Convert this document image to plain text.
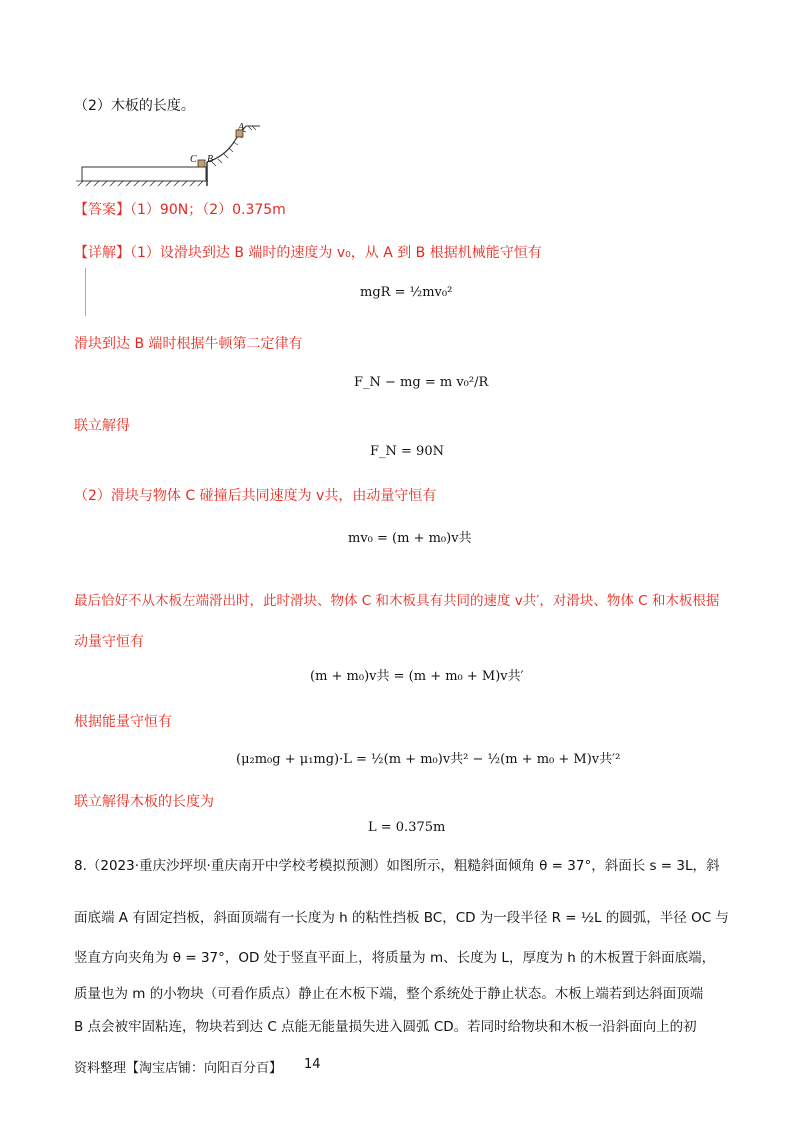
（2）木板的长度。
A
C B
【答案】（1）90N；（2）0.375m
【详解】（1）设滑块到达 B 端时的速度为 v₀，从 A 到 B 根据机械能守恒有
mgR = ½mv₀²
滑块到达 B 端时根据牛顿第二定律有
F_N − mg = m v₀²/R
联立解得
F_N = 90N
（2）滑块与物体 C 碰撞后共同速度为 v共，由动量守恒有
mv₀ = (m + m₀)v共
最后恰好不从木板左端滑出时，此时滑块、物体 C 和木板具有共同的速度 v共′，对滑块、物体 C 和木板根据
动量守恒有
(m + m₀)v共 = (m + m₀ + M)v共′
根据能量守恒有
(μ₂m₀g + μ₁mg)·L = ½(m + m₀)v共² − ½(m + m₀ + M)v共′²
联立解得木板的长度为
L = 0.375m
8.（2023·重庆沙坪坝·重庆南开中学校考模拟预测）如图所示，粗糙斜面倾角 θ = 37°，斜面长 s = 3L，斜
面底端 A 有固定挡板，斜面顶端有一长度为 h 的粘性挡板 BC，CD 为一段半径 R = ½L 的圆弧，半径 OC 与
竖直方向夹角为 θ = 37°，OD 处于竖直平面上，将质量为 m、长度为 L，厚度为 h 的木板置于斜面底端，
质量也为 m 的小物块（可看作质点）静止在木板下端，整个系统处于静止状态。木板上端若到达斜面顶端
B 点会被牢固粘连，物块若到达 C 点能无能量损失进入圆弧 CD。若同时给物块和木板一沿斜面向上的初
资料整理【淘宝店铺：向阳百分百】 14
